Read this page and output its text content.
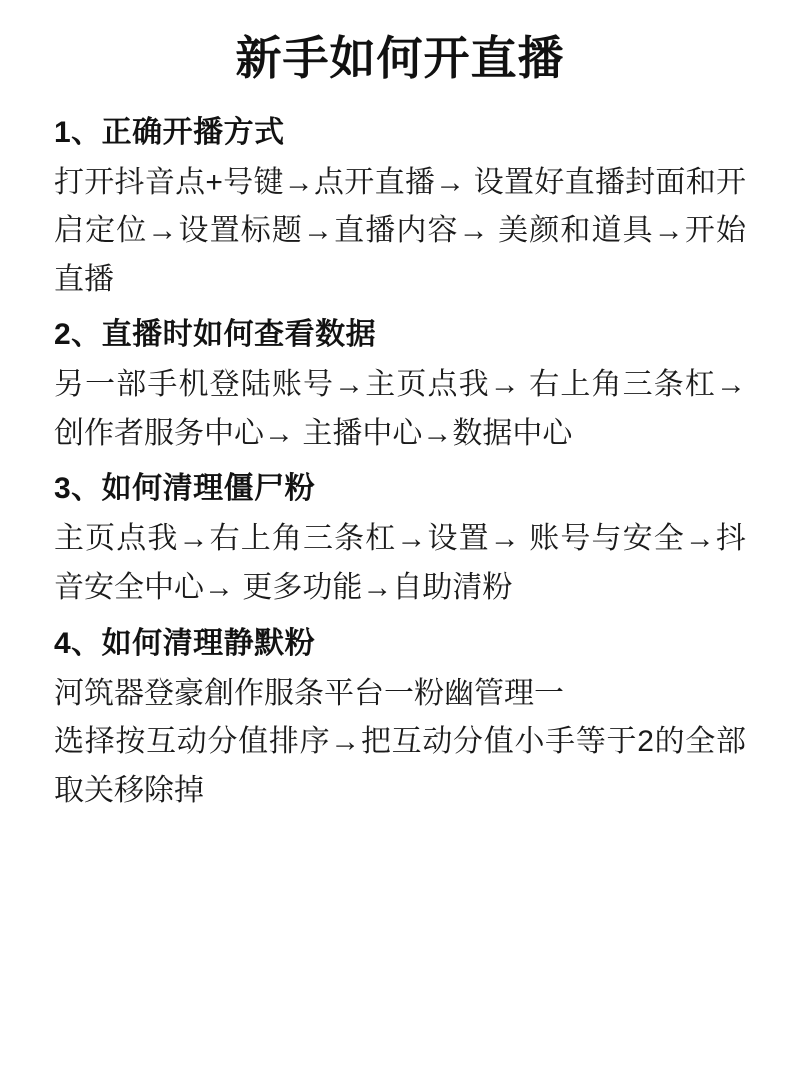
新手如何开直播
1、正确开播方式

打开抖音点+号键→点开直播→ 设置好直播封面和开启定位→设置标题→直播内容→ 美颜和道具→开始直播

2、直播时如何查看数据

另一部手机登陆账号→主页点我→ 右上角三条杠→创作者服务中心→ 主播中心→数据中心

3、如何清理僵尸粉

主页点我→右上角三条杠→设置→ 账号与安全→抖音安全中心→ 更多功能→自助清粉

4、如何清理静默粉

河筑器登豪創作服条平台一粉幽管理一

选择按互动分值排序→把互动分值小手等于2的全部取关移除掉
